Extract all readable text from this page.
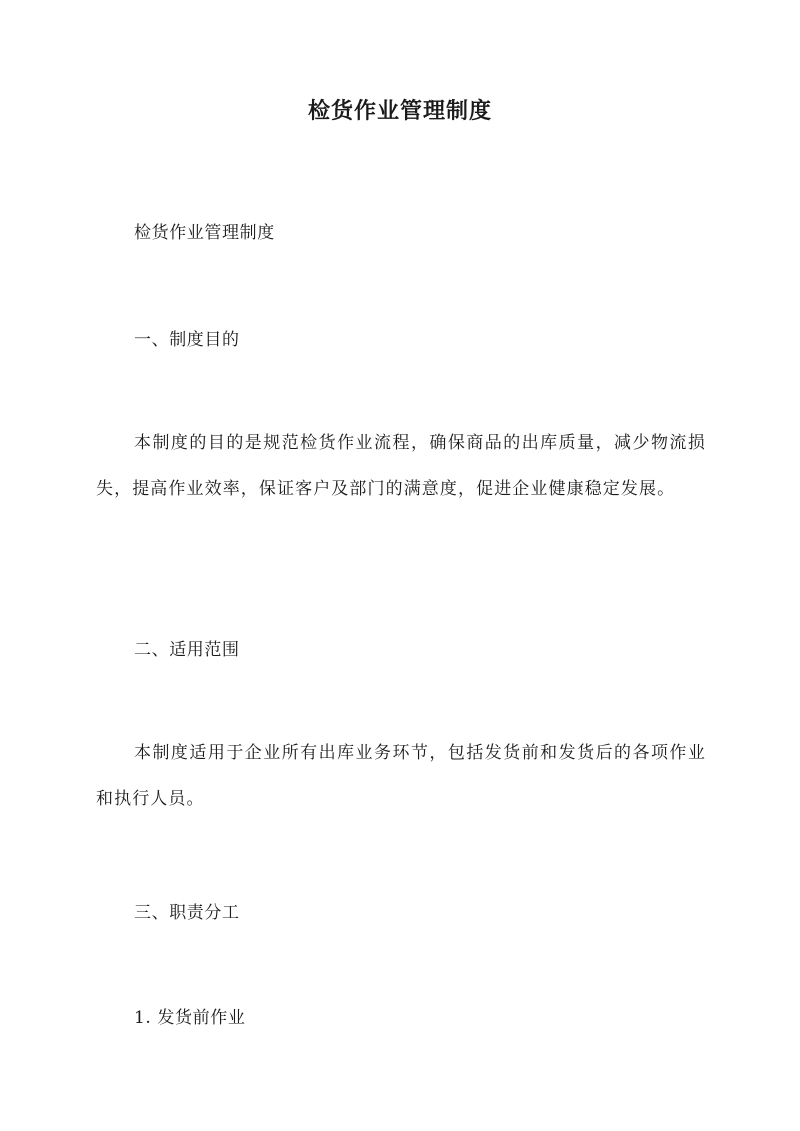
检货作业管理制度
检货作业管理制度
一、制度目的
本制度的目的是规范检货作业流程，确保商品的出库质量，减少物流损失，提高作业效率，保证客户及部门的满意度，促进企业健康稳定发展。
二、适用范围
本制度适用于企业所有出库业务环节，包括发货前和发货后的各项作业和执行人员。
三、职责分工
1. 发货前作业
